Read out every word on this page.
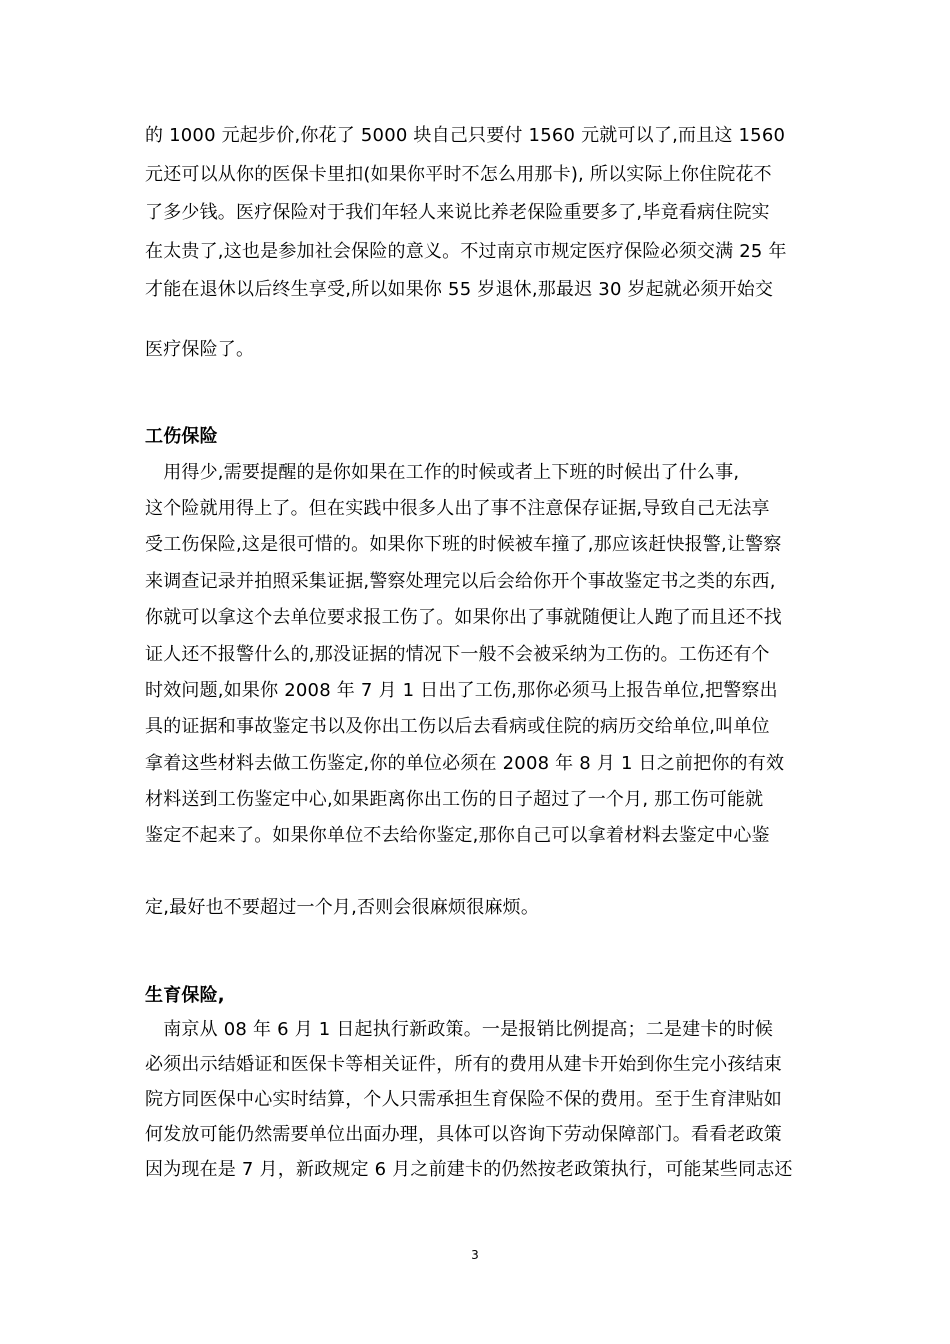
的 1000 元起步价,你花了 5000 块自己只要付 1560 元就可以了,而且这 1560
元还可以从你的医保卡里扣(如果你平时不怎么用那卡), 所以实际上你住院花不
了多少钱。医疗保险对于我们年轻人来说比养老保险重要多了,毕竟看病住院实
在太贵了,这也是参加社会保险的意义。不过南京市规定医疗保险必须交满 25 年
才能在退休以后终生享受,所以如果你 55 岁退休,那最迟 30 岁起就必须开始交
医疗保险了。
工伤保险
　用得少,需要提醒的是你如果在工作的时候或者上下班的时候出了什么事,
这个险就用得上了。但在实践中很多人出了事不注意保存证据,导致自己无法享
受工伤保险,这是很可惜的。如果你下班的时候被车撞了,那应该赶快报警,让警察
来调查记录并拍照采集证据,警察处理完以后会给你开个事故鉴定书之类的东西,
你就可以拿这个去单位要求报工伤了。如果你出了事就随便让人跑了而且还不找
证人还不报警什么的,那没证据的情况下一般不会被采纳为工伤的。工伤还有个
时效问题,如果你 2008 年 7 月 1 日出了工伤,那你必须马上报告单位,把警察出
具的证据和事故鉴定书以及你出工伤以后去看病或住院的病历交给单位,叫单位
拿着这些材料去做工伤鉴定,你的单位必须在 2008 年 8 月 1 日之前把你的有效
材料送到工伤鉴定中心,如果距离你出工伤的日子超过了一个月, 那工伤可能就
鉴定不起来了。如果你单位不去给你鉴定,那你自己可以拿着材料去鉴定中心鉴
定,最好也不要超过一个月,否则会很麻烦很麻烦。
生育保险,
　南京从 08 年 6 月 1 日起执行新政策。一是报销比例提高；二是建卡的时候
必须出示结婚证和医保卡等相关证件，所有的费用从建卡开始到你生完小孩结束
院方同医保中心实时结算，个人只需承担生育保险不保的费用。至于生育津贴如
何发放可能仍然需要单位出面办理，具体可以咨询下劳动保障部门。看看老政策
因为现在是 7 月，新政规定 6 月之前建卡的仍然按老政策执行，可能某些同志还
3
